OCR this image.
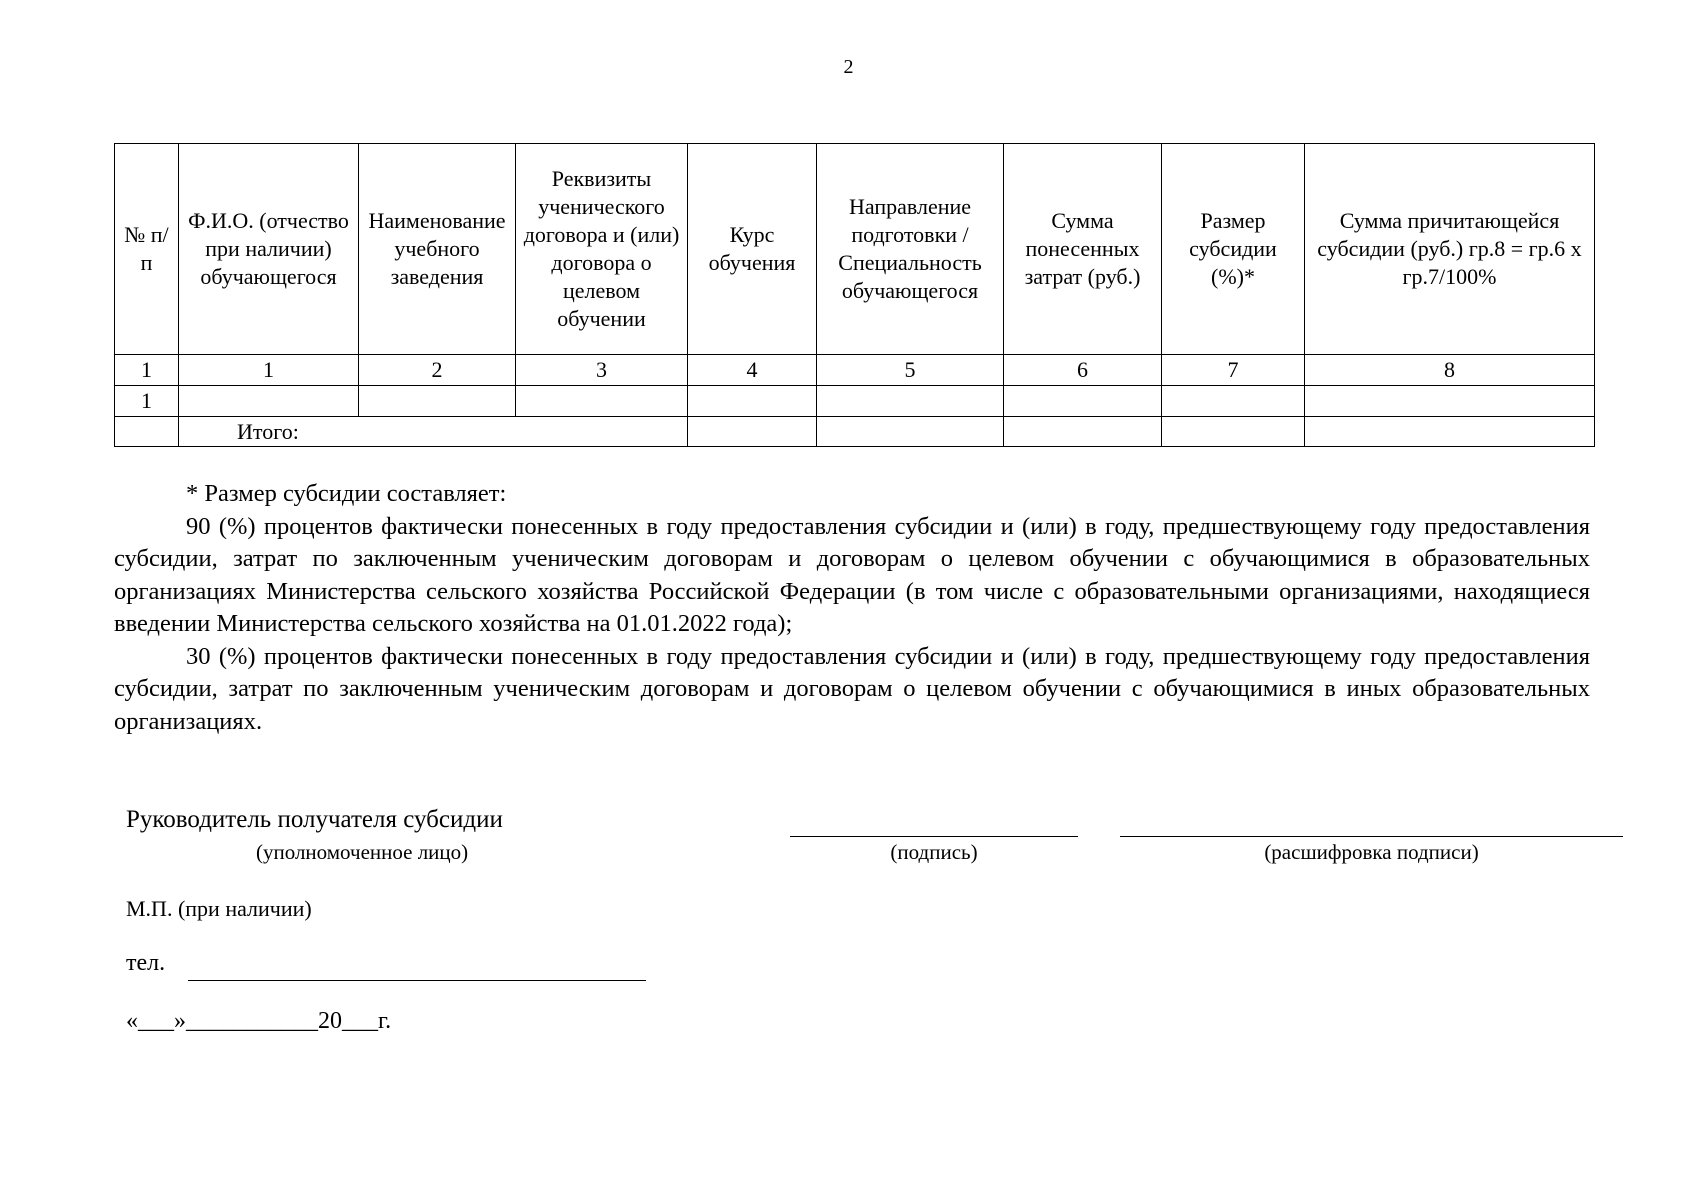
2
№ п/п	Ф.И.О. (отчество при наличии) обучающегося	Наименование учебного заведения	Реквизиты ученического договора и (или) договора о целевом обучении	Курс обучения	Направление подготовки / Специальность обучающегося	Сумма понесенных затрат (руб.)	Размер субсидии (%)*	Сумма причитающейся субсидии (руб.) гр.8 = гр.6 х гр.7/100%
1	1	2	3	4	5	6	7	8
1								
	Итого:							

* Размер субсидии составляет:

90 (%) процентов фактически понесенных в году предоставления субсидии и (или) в году, предшествующему году предоставления субсидии, затрат по заключенным ученическим договорам и договорам о целевом обучении с обучающимися в образовательных организациях Министерства сельского хозяйства Российской Федерации (в том числе с образовательными организациями, находящиеся введении Министерства сельского хозяйства на 01.01.2022 года);

30 (%) процентов фактически понесенных в году предоставления субсидии и (или) в году, предшествующему году предоставления субсидии, затрат по заключенным ученическим договорам и договорам о целевом обучении с обучающимися в иных образовательных организациях.

Руководитель получателя субсидии
(уполномоченное лицо)	(подпись)	(расшифровка подписи)
М.П. (при наличии)
тел.
«___»___________20___г.
